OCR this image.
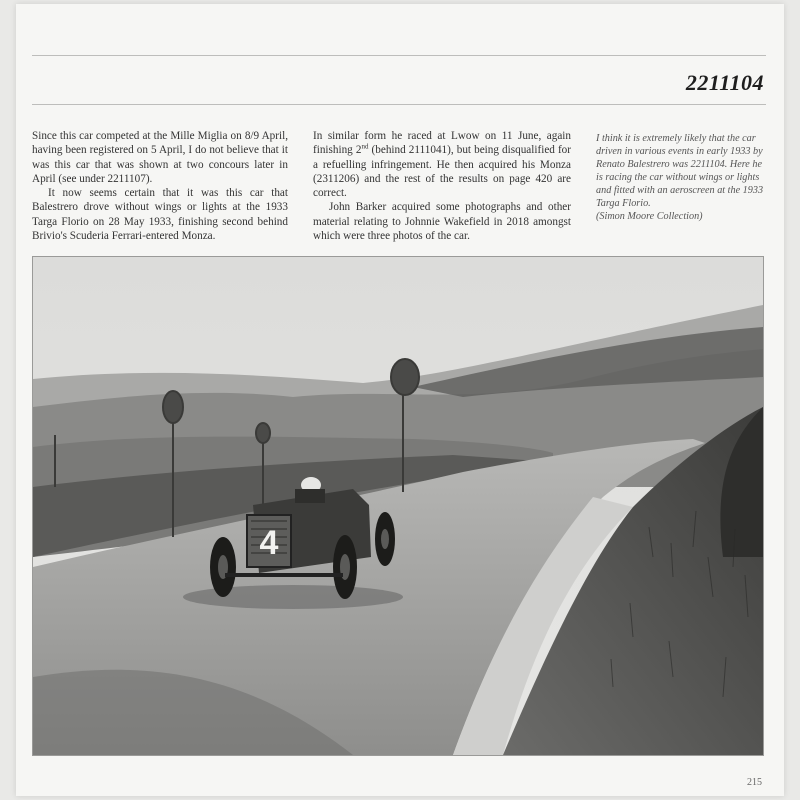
2211104

Since this car competed at the Mille Miglia on 8/9 April, having been registered on 5 April, I do not believe that it was this car that was shown at two concours later in April (see under 2211107).

It now seems certain that it was this car that Balestrero drove without wings or lights at the 1933 Targa Florio on 28 May 1933, finishing second behind Brivio's Scuderia Ferrari-entered Monza.

In similar form he raced at Lwow on 11 June, again finishing 2nd (behind 2111041), but being disqualified for a refuelling infringement. He then acquired his Monza (2311206) and the rest of the results on page 420 are correct.

John Barker acquired some photographs and other material relating to Johnnie Wakefield in 2018 amongst which were three photos of the car.

I think it is extremely likely that the car driven in various events in early 1933 by Renato Balestrero was 2211104. Here he is racing the car without wings or lights and fitted with an aeroscreen at the 1933 Targa Florio.
(Simon Moore Collection)
4
215
